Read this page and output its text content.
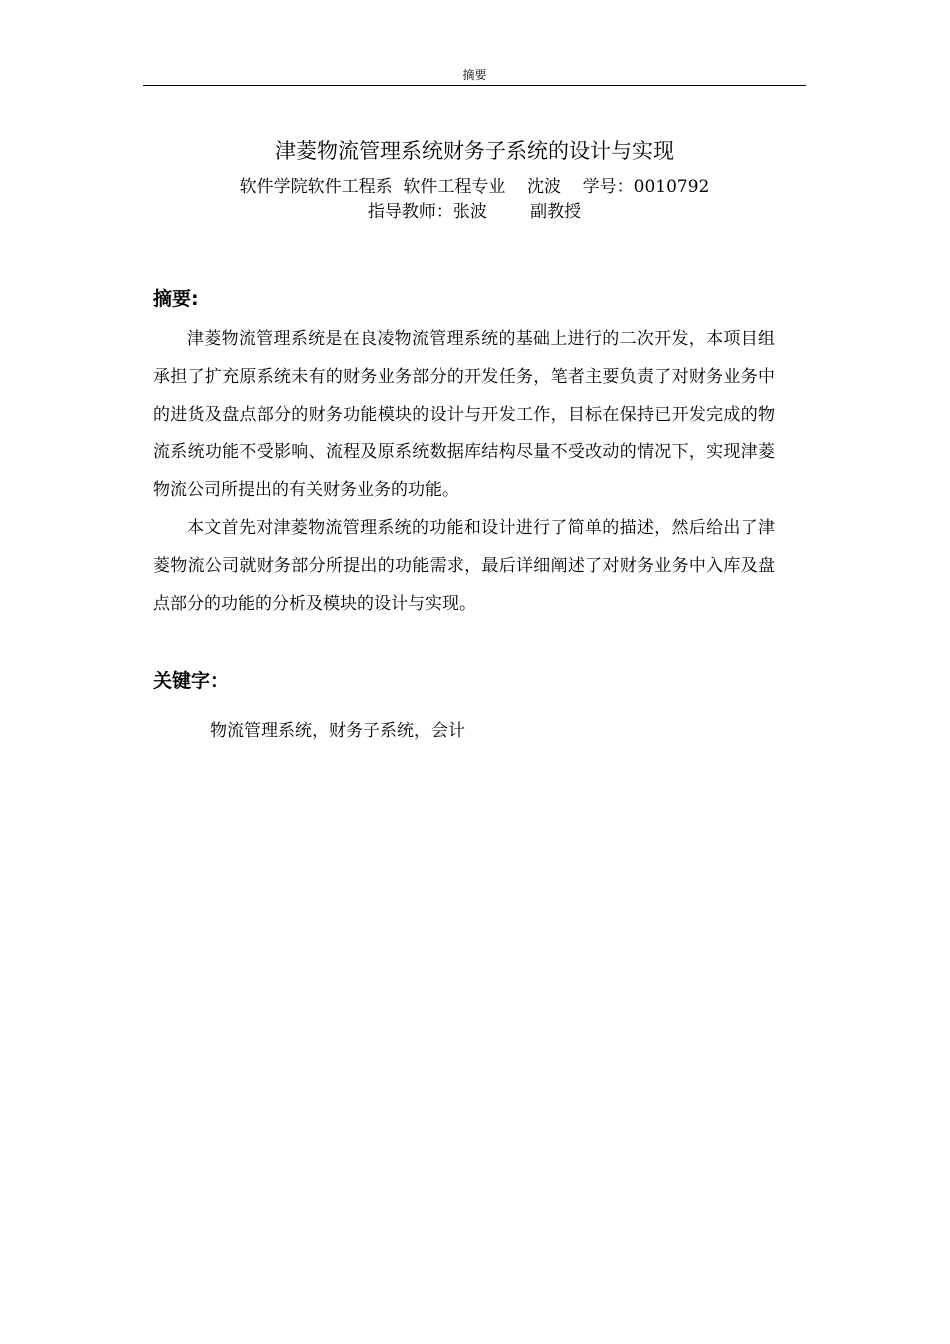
摘要
津菱物流管理系统财务子系统的设计与实现
软件学院软件工程系  软件工程专业    沈波    学号：0010792
指导教师：张波        副教授
摘要:

津菱物流管理系统是在良凌物流管理系统的基础上进行的二次开发，本项目组承担了扩充原系统未有的财务业务部分的开发任务，笔者主要负责了对财务业务中的进货及盘点部分的财务功能模块的设计与开发工作，目标在保持已开发完成的物流系统功能不受影响、流程及原系统数据库结构尽量不受改动的情况下，实现津菱物流公司所提出的有关财务业务的功能。

本文首先对津菱物流管理系统的功能和设计进行了简单的描述，然后给出了津菱物流公司就财务部分所提出的功能需求，最后详细阐述了对财务业务中入库及盘点部分的功能的分析及模块的设计与实现。

关键字：
物流管理系统，财务子系统，会计
